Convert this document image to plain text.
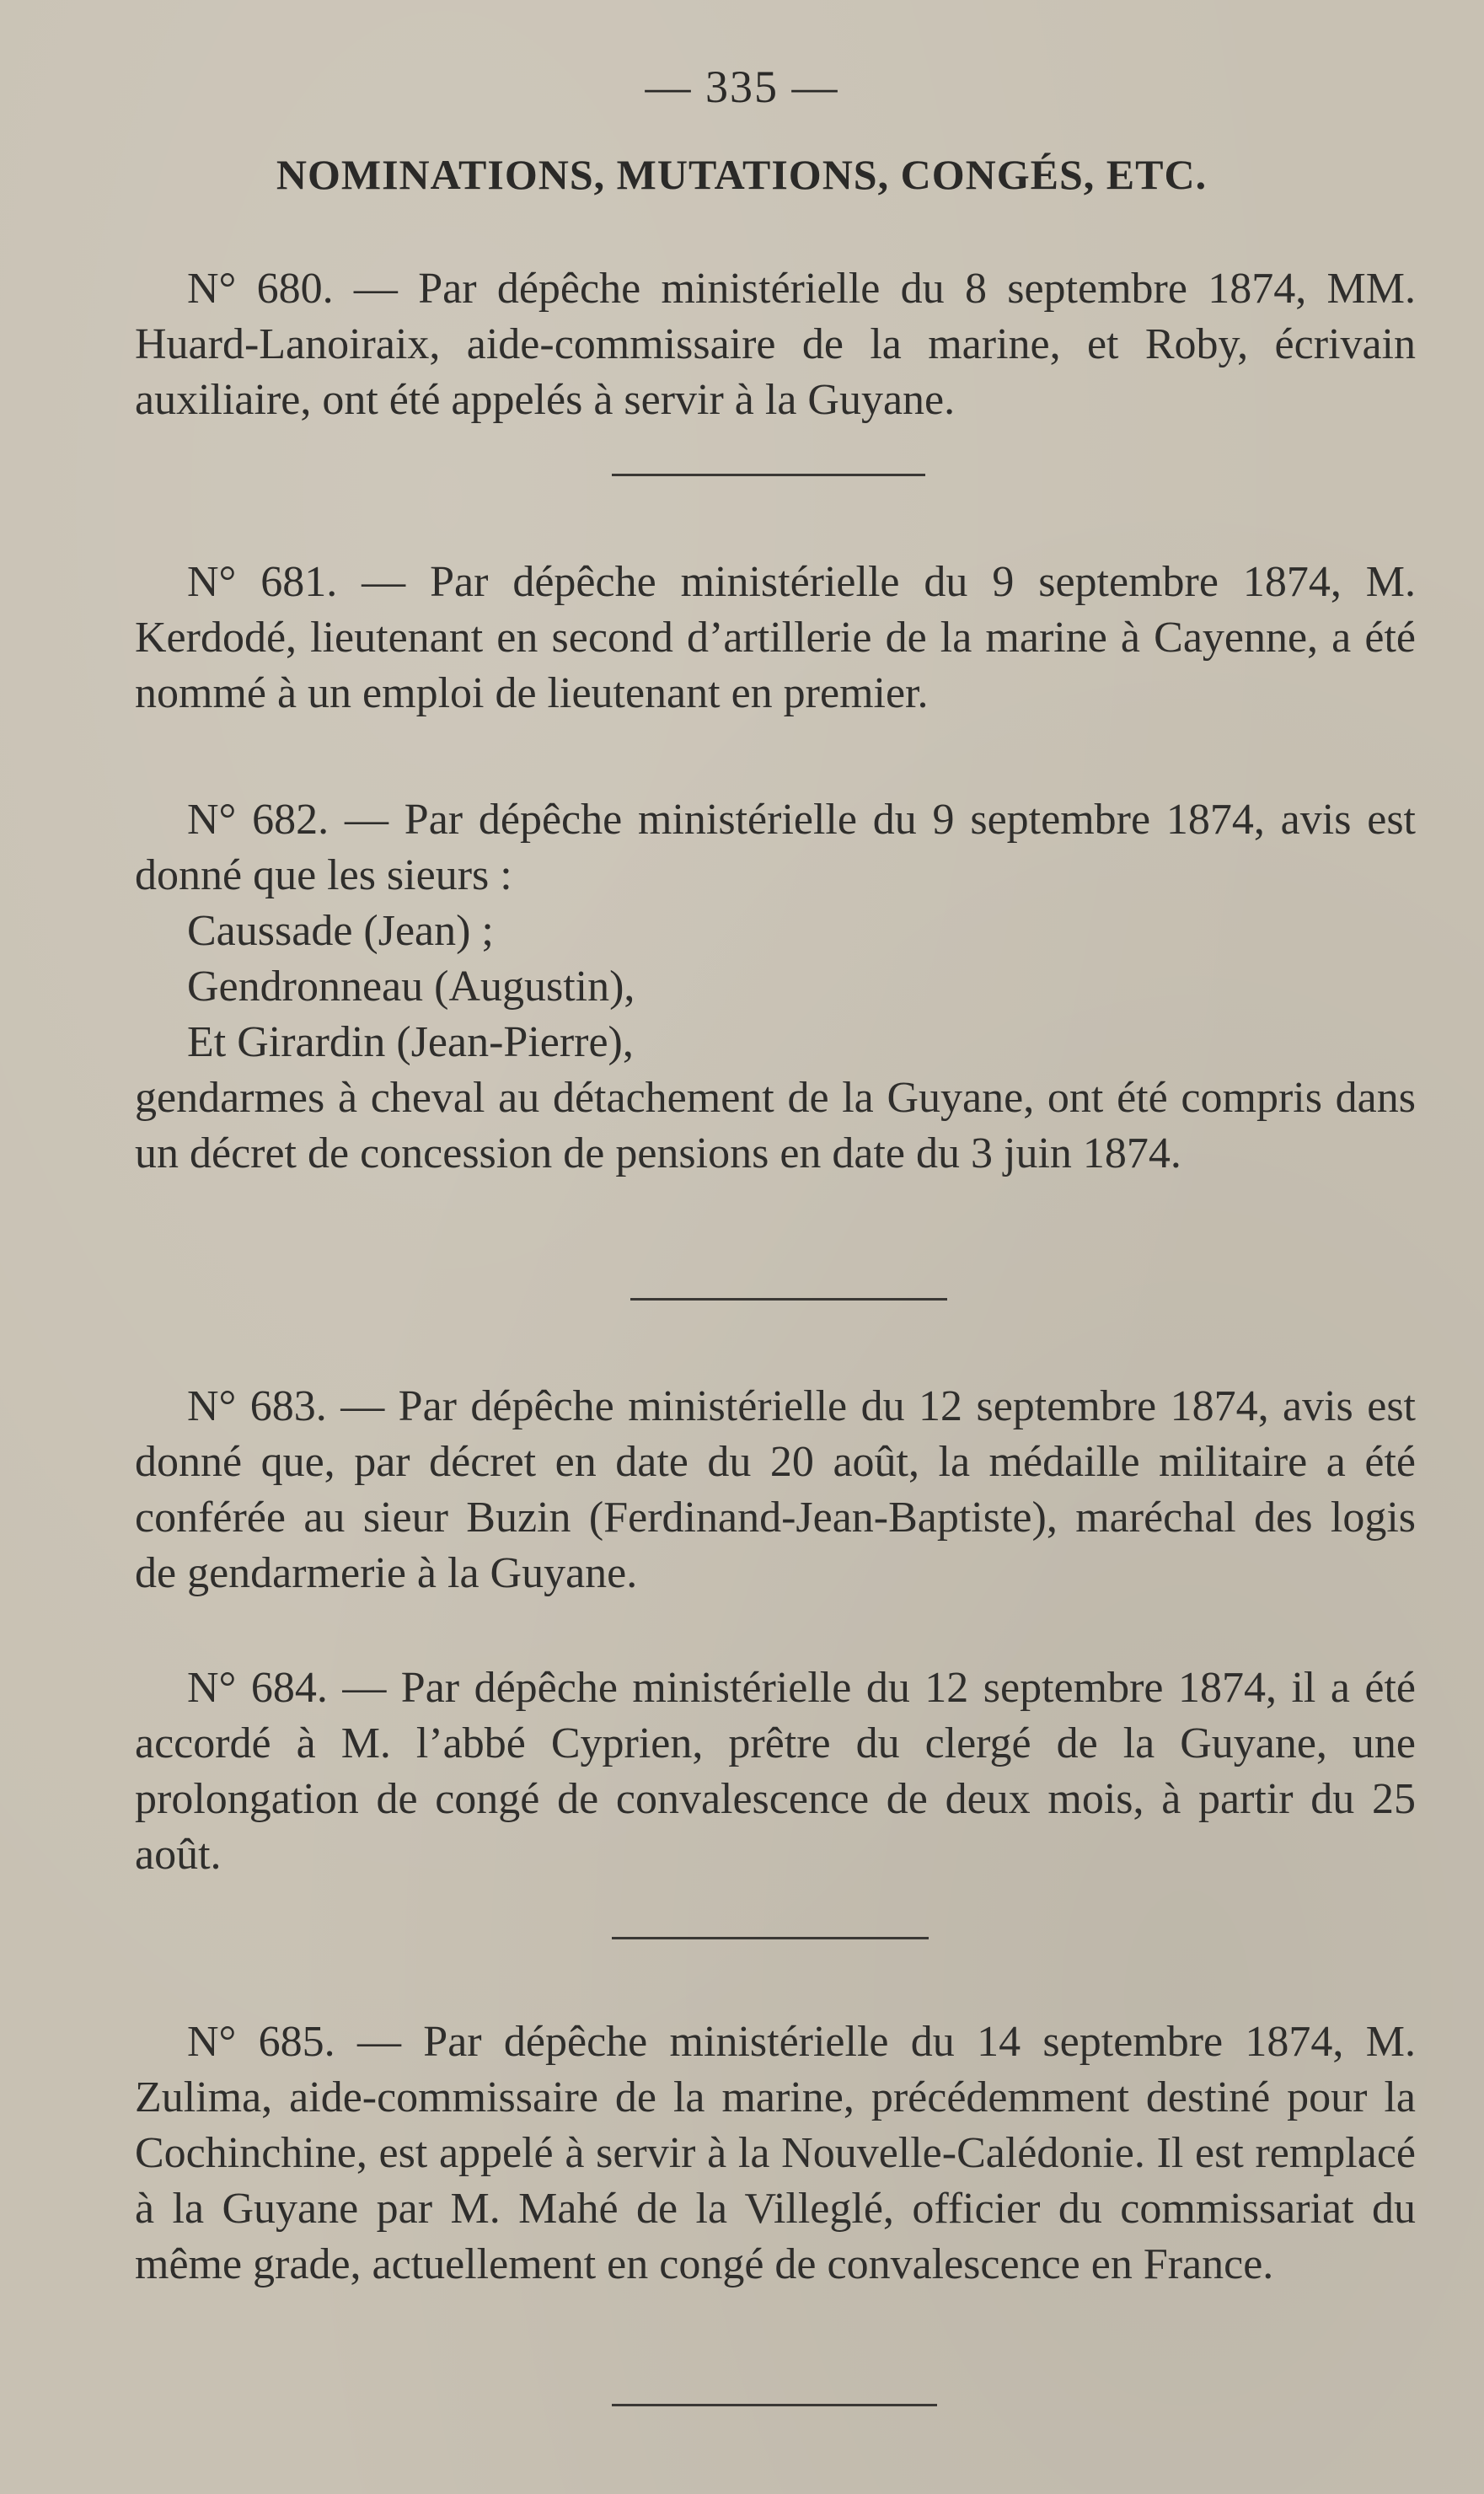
— 335 —
NOMINATIONS, MUTATIONS, CONGÉS, ETC.

N° 680. — Par dépêche ministérielle du 8 septembre 1874, MM. Huard-Lanoiraix, aide-commissaire de la marine, et Roby, écrivain auxiliaire, ont été appelés à servir à la Guyane.

N° 681. — Par dépêche ministérielle du 9 septembre 1874, M. Kerdodé, lieutenant en second d’artillerie de la marine à Cayenne, a été nommé à un emploi de lieutenant en premier.

N° 682. — Par dépêche ministérielle du 9 septembre 1874, avis est donné que les sieurs :

Caussade (Jean) ;
Gendronneau (Augustin),
Et Girardin (Jean-Pierre),

gendarmes à cheval au détachement de la Guyane, ont été compris dans un décret de concession de pensions en date du 3 juin 1874.

N° 683. — Par dépêche ministérielle du 12 septembre 1874, avis est donné que, par décret en date du 20 août, la médaille militaire a été conférée au sieur Buzin (Ferdinand-Jean-Baptiste), maréchal des logis de gendarmerie à la Guyane.

N° 684. — Par dépêche ministérielle du 12 septembre 1874, il a été accordé à M. l’abbé Cyprien, prêtre du clergé de la Guyane, une prolongation de congé de convalescence de deux mois, à partir du 25 août.

N° 685. — Par dépêche ministérielle du 14 septembre 1874, M. Zulima, aide-commissaire de la marine, précédemment destiné pour la Cochinchine, est appelé à servir à la Nouvelle-Calédonie. Il est remplacé à la Guyane par M. Mahé de la Villeglé, officier du commissariat du même grade, actuellement en congé de convalescence en France.
